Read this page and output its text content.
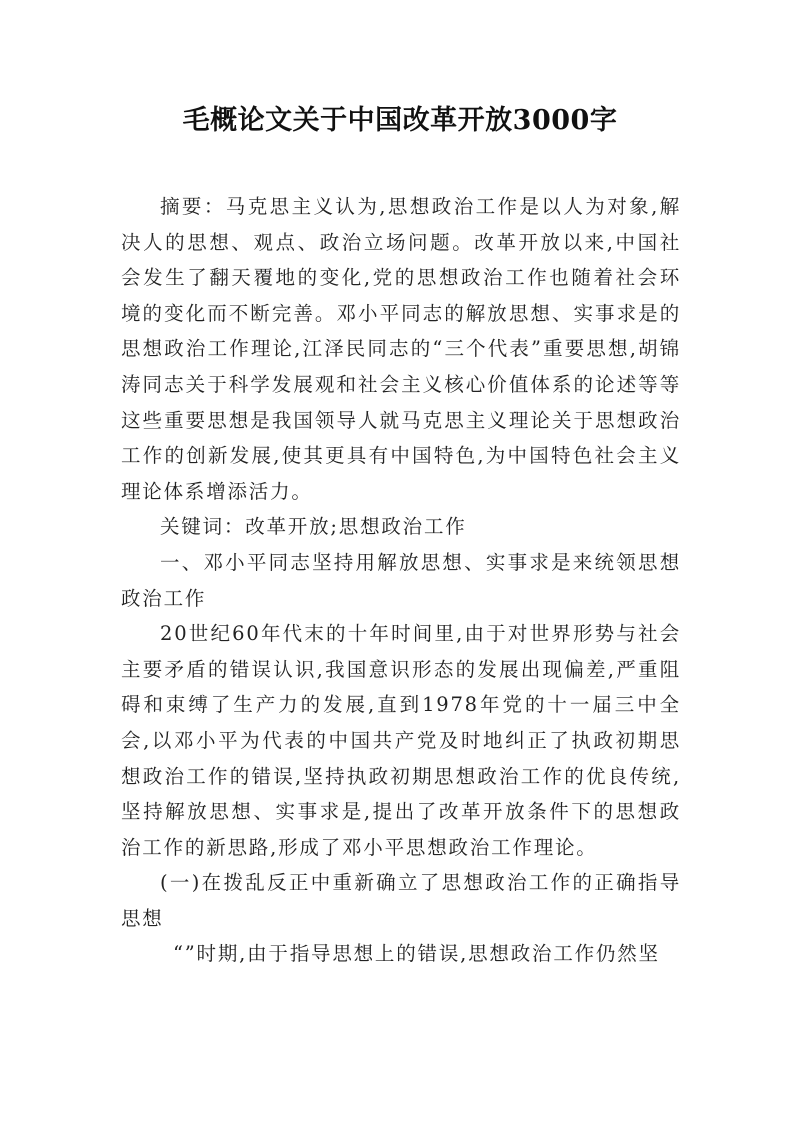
毛概论文关于中国改革开放3000字

摘要：马克思主义认为,思想政治工作是以人为对象,解决人的思想、观点、政治立场问题。改革开放以来,中国社会发生了翻天覆地的变化,党的思想政治工作也随着社会环境的变化而不断完善。邓小平同志的解放思想、实事求是的思想政治工作理论,江泽民同志的“三个代表”重要思想,胡锦涛同志关于科学发展观和社会主义核心价值体系的论述等等这些重要思想是我国领导人就马克思主义理论关于思想政治工作的创新发展,使其更具有中国特色,为中国特色社会主义理论体系增添活力。

关键词：改革开放;思想政治工作

一、邓小平同志坚持用解放思想、实事求是来统领思想政治工作

20世纪60年代末的十年时间里,由于对世界形势与社会主要矛盾的错误认识,我国意识形态的发展出现偏差,严重阻碍和束缚了生产力的发展,直到1978年党的十一届三中全会,以邓小平为代表的中国共产党及时地纠正了执政初期思想政治工作的错误,坚持执政初期思想政治工作的优良传统,坚持解放思想、实事求是,提出了改革开放条件下的思想政治工作的新思路,形成了邓小平思想政治工作理论。

(一)在拨乱反正中重新确立了思想政治工作的正确指导思想

“”时期,由于指导思想上的错误,思想政治工作仍然坚
